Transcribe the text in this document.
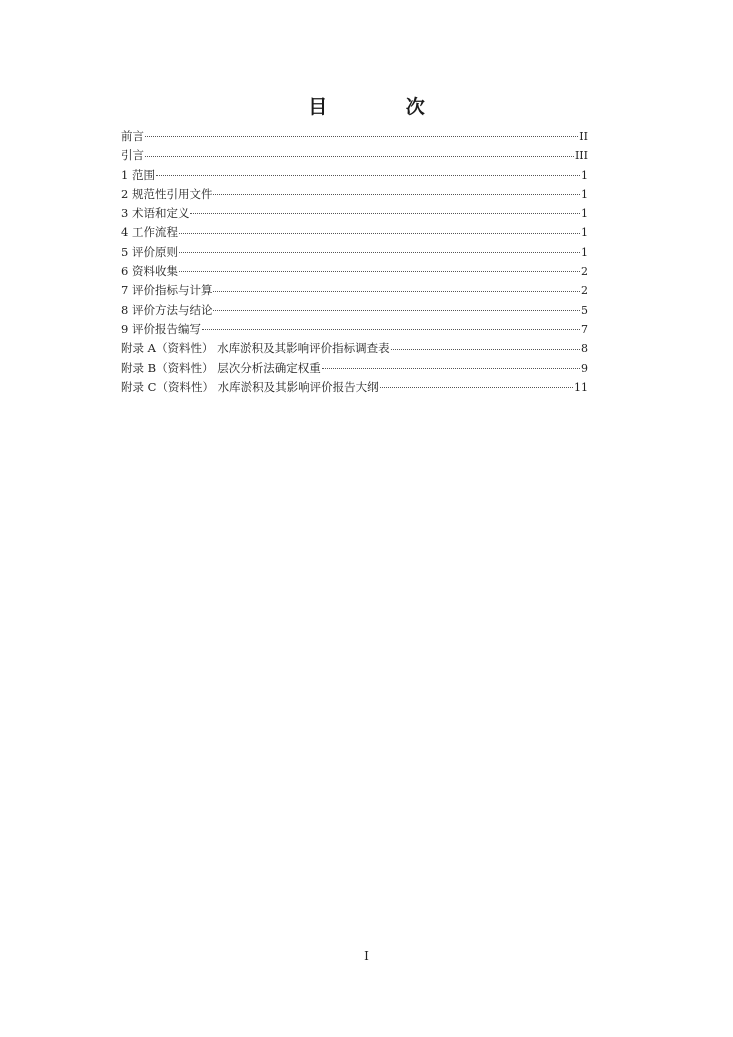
目 次
前言	II
引言	III
1 范围	1
2 规范性引用文件	1
3 术语和定义	1
4 工作流程	1
5 评价原则	1
6 资料收集	2
7 评价指标与计算	2
8 评价方法与结论	5
9 评价报告编写	7
附录 A（资料性） 水库淤积及其影响评价指标调查表	8
附录 B（资料性） 层次分析法确定权重	9
附录 C（资料性） 水库淤积及其影响评价报告大纲	11
I
